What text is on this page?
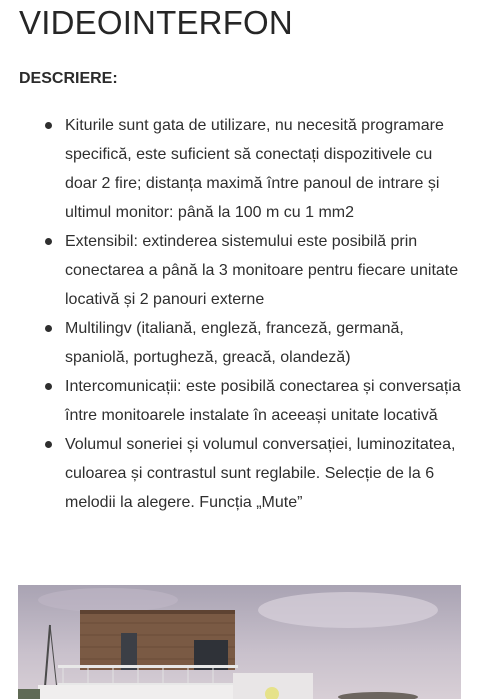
VIDEOINTERFON
DESCRIERE:
Kiturile sunt gata de utilizare, nu necesită programare specifică, este suficient să conectați dispozitivele cu doar 2 fire; distanța maximă între panoul de intrare și ultimul monitor: până la 100 m cu 1 mm2
Extensibil: extinderea sistemului este posibilă prin conectarea a până la 3 monitoare pentru fiecare unitate locativă și 2 panouri externe
Multilingv (italiană, engleză, franceză, germană, spaniolă, portugheză, greacă, olandeză)
Intercomunicații: este posibilă conectarea și conversația între monitoarele instalate în aceeași unitate locativă
Volumul soneriei și volumul conversației, luminozitatea, culoarea și contrastul sunt reglabile. Selecție de la 6 melodii la alegere. Funcția „Mute”
